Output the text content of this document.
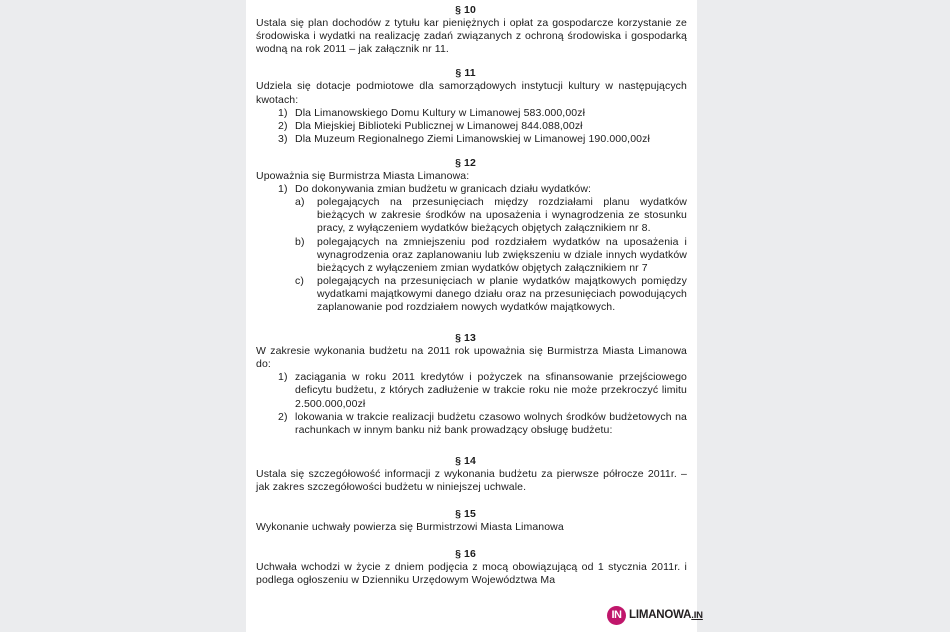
§ 10
Ustala się plan dochodów z tytułu kar pieniężnych i opłat za gospodarcze korzystanie ze środowiska i wydatki na realizację zadań związanych z ochroną środowiska i gospodarką wodną na rok 2011 – jak załącznik nr 11.
§ 11
Udziela się dotacje podmiotowe dla samorządowych instytucji kultury w następujących kwotach:
1) Dla Limanowskiego Domu Kultury w Limanowej 583.000,00zł
2) Dla Miejskiej Biblioteki Publicznej w Limanowej 844.088,00zł
3) Dla Muzeum Regionalnego Ziemi Limanowskiej w Limanowej 190.000,00zł
§ 12
Upoważnia się Burmistrza Miasta Limanowa:
1) Do dokonywania zmian budżetu w granicach działu wydatków:
a)	polegających na przesunięciach między rozdziałami planu wydatków bieżących w zakresie środków na uposażenia i wynagrodzenia ze stosunku pracy, z wyłączeniem wydatków bieżących objętych załącznikiem nr 8.
b)	polegających na zmniejszeniu pod rozdziałem wydatków na uposażenia i wynagrodzenia oraz zaplanowaniu lub zwiększeniu w dziale innych wydatków bieżących z wyłączeniem zmian wydatków objętych załącznikiem nr 7
c)	polegających na przesunięciach w planie wydatków majątkowych pomiędzy wydatkami majątkowymi danego działu oraz na przesunięciach powodujących zaplanowanie pod rozdziałem nowych wydatków majątkowych.
§ 13
W zakresie wykonania budżetu na 2011 rok upoważnia się Burmistrza Miasta Limanowa do:
1) zaciągania w roku 2011 kredytów i pożyczek na sfinansowanie przejściowego deficytu budżetu, z których zadłużenie w trakcie roku nie może przekroczyć limitu 2.500.000,00zł
2) lokowania w trakcie realizacji budżetu czasowo wolnych środków budżetowych na rachunkach w innym banku niż bank prowadzący obsługę budżetu:
§ 14
Ustala się szczegółowość informacji z wykonania budżetu za pierwsze półrocze 2011r. – jak zakres szczegółowości budżetu w niniejszej uchwale.
§ 15
Wykonanie uchwały powierza się Burmistrzowi Miasta Limanowa
§ 16
Uchwała wchodzi w życie z dniem podjęcia z mocą obowiązującą od 1 stycznia 2011r. i podlega ogłoszeniu w Dzienniku Urzędowym Województwa Ma
IN LIMANOWA.IN
